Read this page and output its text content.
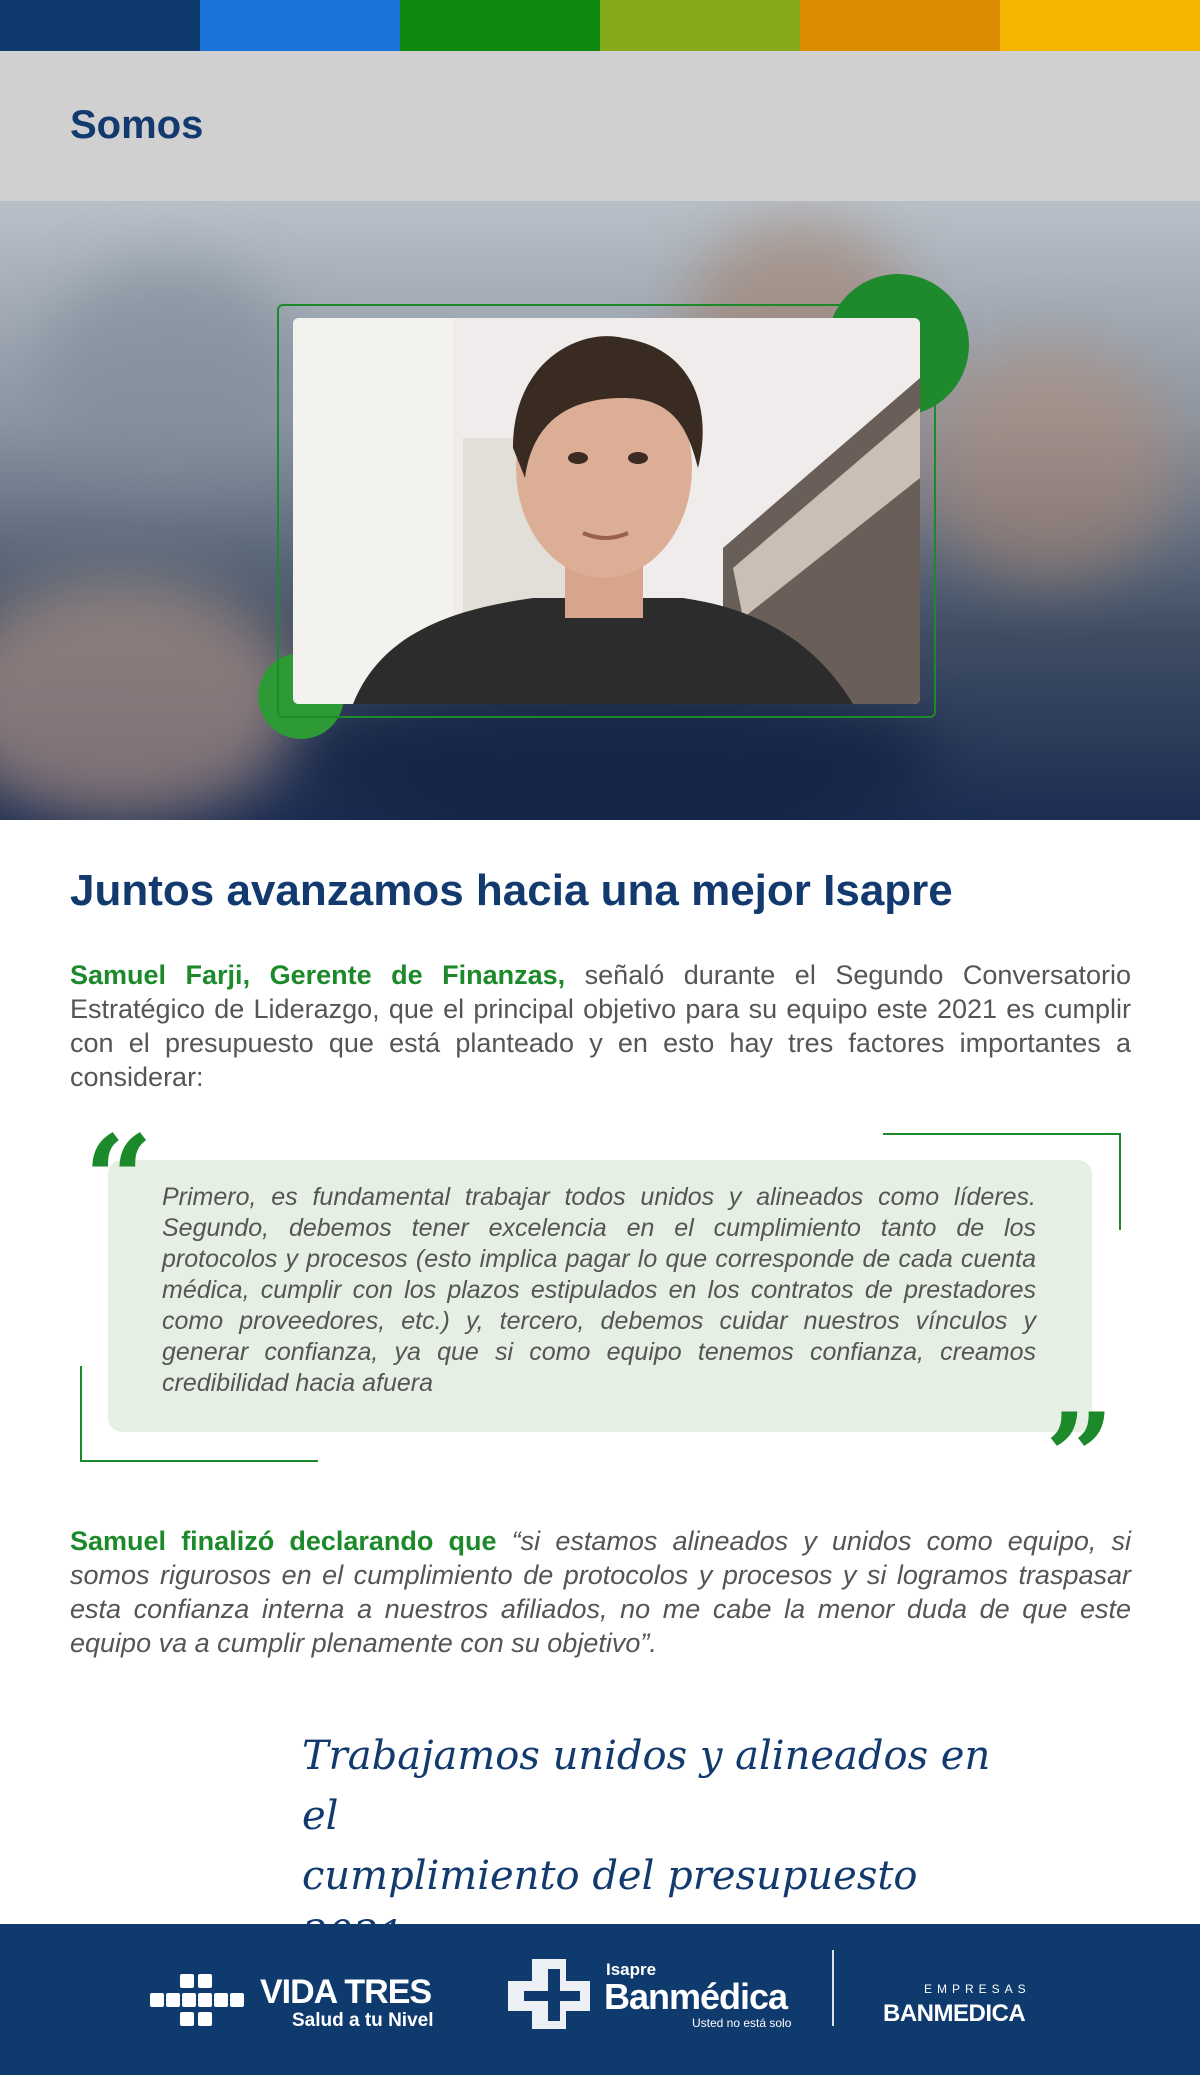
Somos
Juntos avanzamos hacia una mejor Isapre

Samuel Farji, Gerente de Finanzas, señaló durante el Segundo Conversatorio Estratégico de Liderazgo, que el principal objetivo para su equipo este 2021 es cumplir con el presupuesto que está planteado y en esto hay tres factores importantes a considerar:

“ Primero, es fundamental trabajar todos unidos y alineados como líderes. Segundo, debemos tener excelencia en el cumplimiento tanto de los protocolos y procesos (esto implica pagar lo que corresponde de cada cuenta médica, cumplir con los plazos estipulados en los contratos de prestadores como proveedores, etc.) y, tercero, debemos cuidar nuestros vínculos y generar confianza, ya que si como equipo tenemos confianza, creamos credibilidad hacia afuera

”

Samuel finalizó declarando que “si estamos alineados y unidos como equipo, si somos rigurosos en el cumplimiento de protocolos y procesos y si logramos traspasar esta confianza interna a nuestros afiliados, no me cabe la menor duda de que este equipo va a cumplir plenamente con su objetivo”.

Trabajamos unidos y alineados en el
cumplimiento del presupuesto
VIDA TRES
Salud a tu Nivel
Isapre
Banmédica
Usted no está solo
EMPRESAS
BANMEDICA
